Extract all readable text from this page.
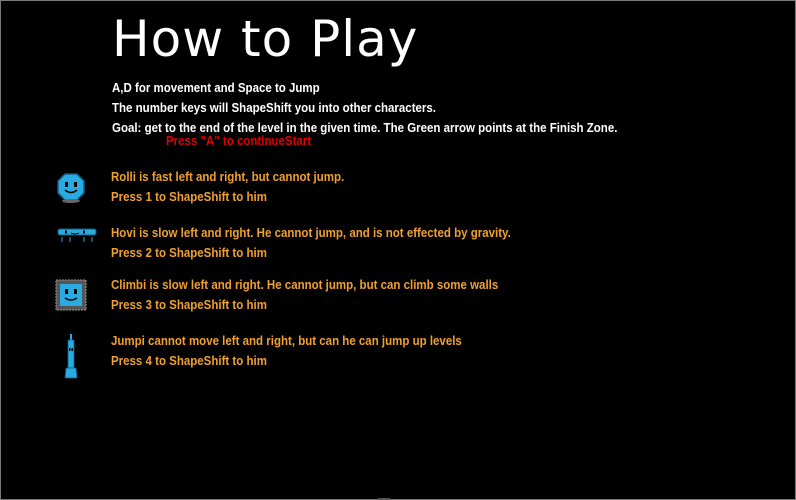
How to Play
A,D for movement and Space to Jump
The number keys will ShapeShift you into other characters.
Goal: get to the end of the level in the given time. The Green arrow points at the Finish Zone.
Press "A" to continueStart
Rolli is fast left and right, but cannot jump.
Press 1 to ShapeShift to him
Hovi is slow left and right. He cannot jump, and is not effected by gravity.
Press 2 to ShapeShift to him
Climbi is slow left and right. He cannot jump, but can climb some walls
Press 3 to ShapeShift to him
Jumpi cannot move left and right, but can he can jump up levels
Press 4 to ShapeShift to him
